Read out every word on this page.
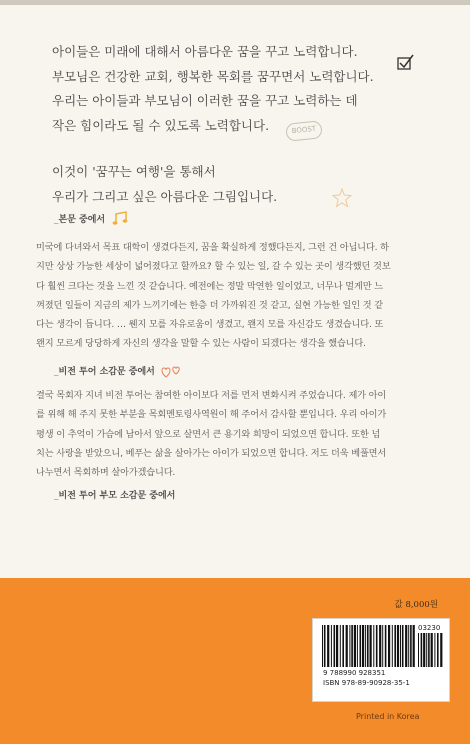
아이들은 미래에 대해서 아름다운 꿈을 꾸고 노력합니다.

부모님은 건강한 교회, 행복한 목회를 꿈꾸면서 노력합니다.

우리는 아이들과 부모님이 이러한 꿈을 꾸고 노력하는 데

작은 힘이라도 될 수 있도록 노력합니다.

이것이 '꿈꾸는 여행'을 통해서

우리가 그리고 싶은 아름다운 그림입니다.

BOOST
_본문 중에서

미국에 다녀와서 목표 대학이 생겼다든지, 꿈을 확실하게 정했다든지, 그런 건 아닙니다. 하

지만 상상 가능한 세상이 넓어졌다고 할까요? 할 수 있는 일, 갈 수 있는 곳이 생각했던 것보

다 훨씬 크다는 것을 느낀 것 같습니다. 예전에는 정말 막연한 일이었고, 너무나 멀게만 느

껴졌던 일들이 지금의 제가 느끼기에는 한층 더 가까워진 것 같고, 실현 가능한 일인 것 같

다는 생각이 듭니다. … 웬지 모를 자유로움이 생겼고, 왠지 모를 자신감도 생겼습니다. 또

왠지 모르게 당당하게 자신의 생각을 말할 수 있는 사람이 되겠다는 생각을 했습니다.

_비전 투어 소감문 중에서

결국 목회자 지녀 비전 투어는 참여한 아이보다 저를 먼저 변화시켜 주었습니다. 제가 아이

를 위해 해 주지 못한 부분을 목회멘토링사역원이 해 주어서 감사할 뿐입니다. 우리 아이가

평생 이 추억이 가슴에 남아서 앞으로 살면서 큰 용기와 희망이 되었으면 합니다. 또한 넘

치는 사랑을 받았으니, 베푸는 삶을 살아가는 아이가 되었으면 합니다. 저도 더욱 베풀면서

나누면서 목회하며 살아가겠습니다.

_비전 투어 부모 소감문 중에서
값 8,000원
03230
9 788990 928351
ISBN 978-89-90928-35-1
Printed in Korea
